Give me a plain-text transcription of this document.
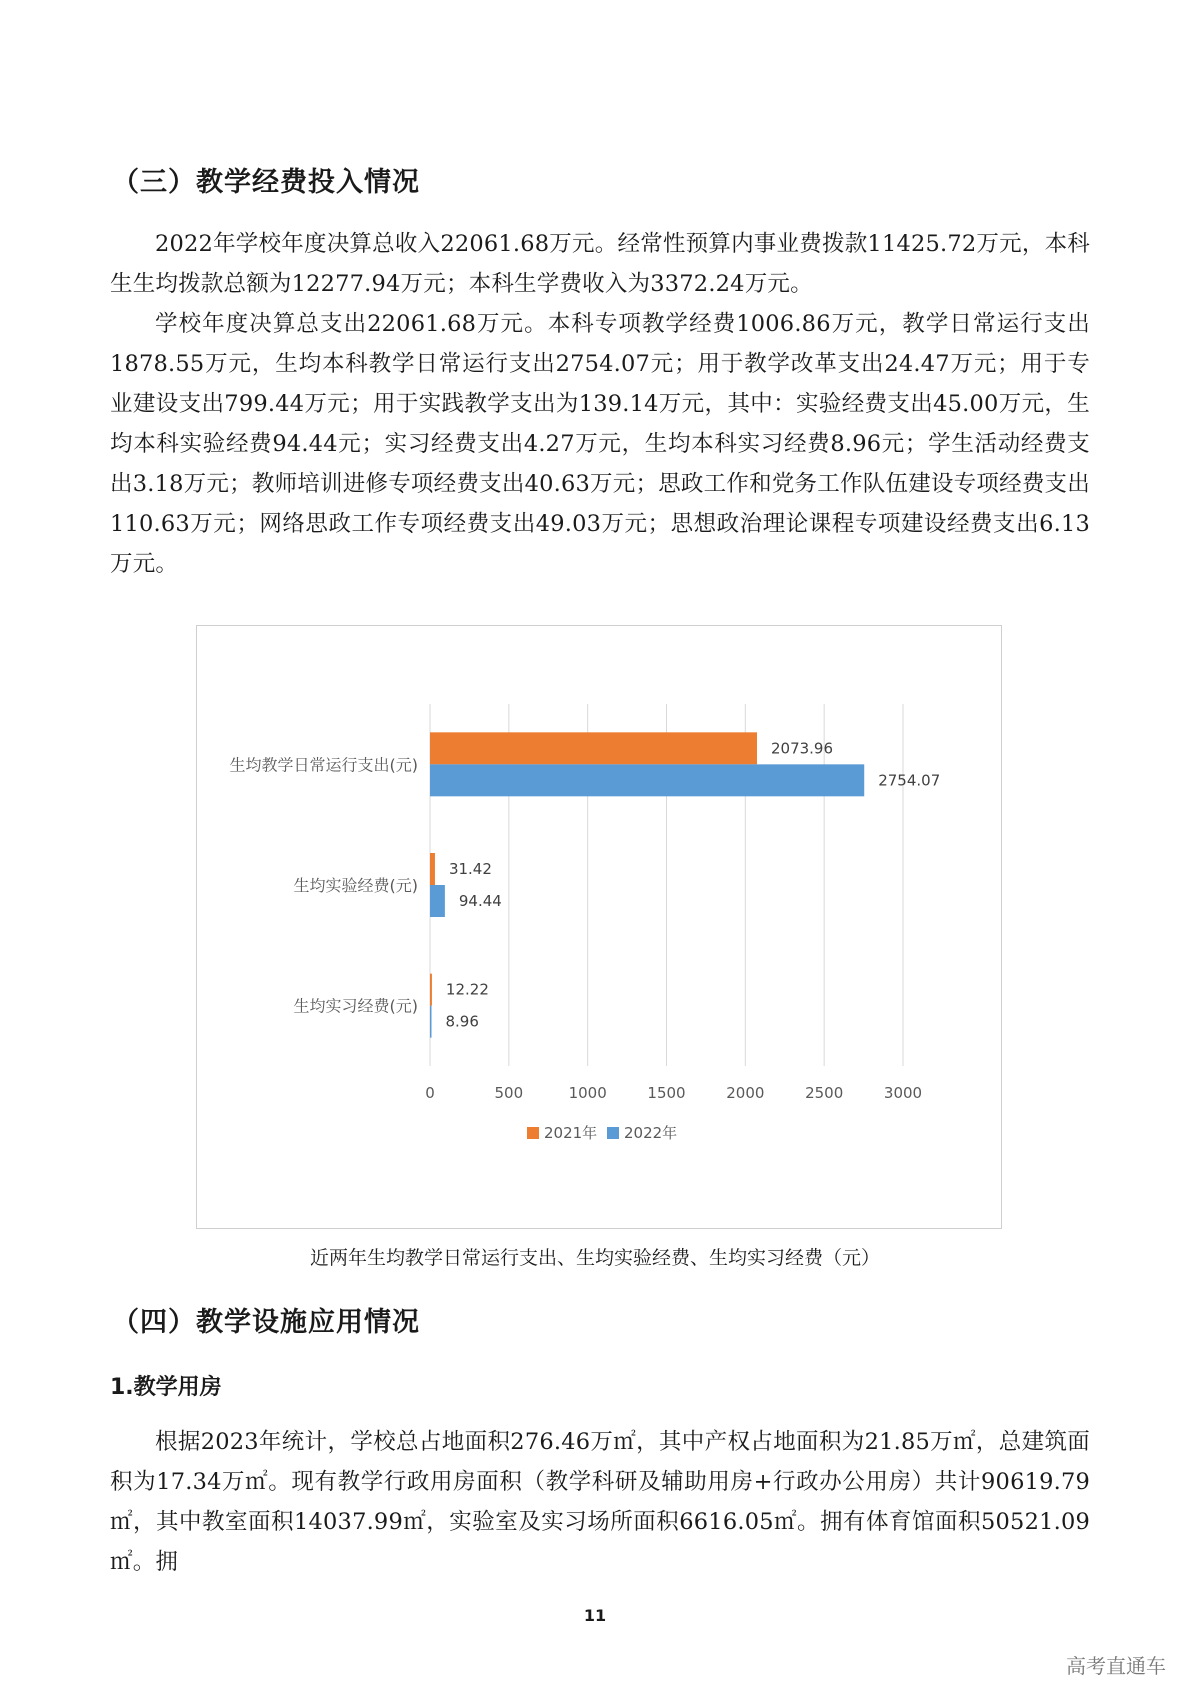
（三）教学经费投入情况

2022年学校年度决算总收入22061.68万元。经常性预算内事业费拨款11425.72万元，本科生生均拨款总额为12277.94万元；本科生学费收入为3372.24万元。

学校年度决算总支出22061.68万元。本科专项教学经费1006.86万元，教学日常运行支出1878.55万元，生均本科教学日常运行支出2754.07元；用于教学改革支出24.47万元；用于专业建设支出799.44万元；用于实践教学支出为139.14万元，其中：实验经费支出45.00万元，生均本科实验经费94.44元；实习经费支出4.27万元，生均本科实习经费8.96元；学生活动经费支出3.18万元；教师培训进修专项经费支出40.63万元；思政工作和党务工作队伍建设专项经费支出110.63万元；网络思政工作专项经费支出49.03万元；思想政治理论课程专项建设经费支出6.13万元。

0	500	1000	1500	2000	2500	3000
生均教学日常运行支出(元)
2073.96
2754.07
生均实验经费(元)
31.42
94.44
生均实习经费(元)
12.22
8.96
2021年 2022年
近两年生均教学日常运行支出、生均实验经费、生均实习经费（元）
（四）教学设施应用情况
1.教学用房

根据2023年统计，学校总占地面积276.46万㎡，其中产权占地面积为21.85万㎡，总建筑面积为17.34万㎡。现有教学行政用房面积（教学科研及辅助用房+行政办公用房）共计90619.79㎡，其中教室面积14037.99㎡，实验室及实习场所面积6616.05㎡。拥有体育馆面积50521.09㎡。拥

11
高考直通车
